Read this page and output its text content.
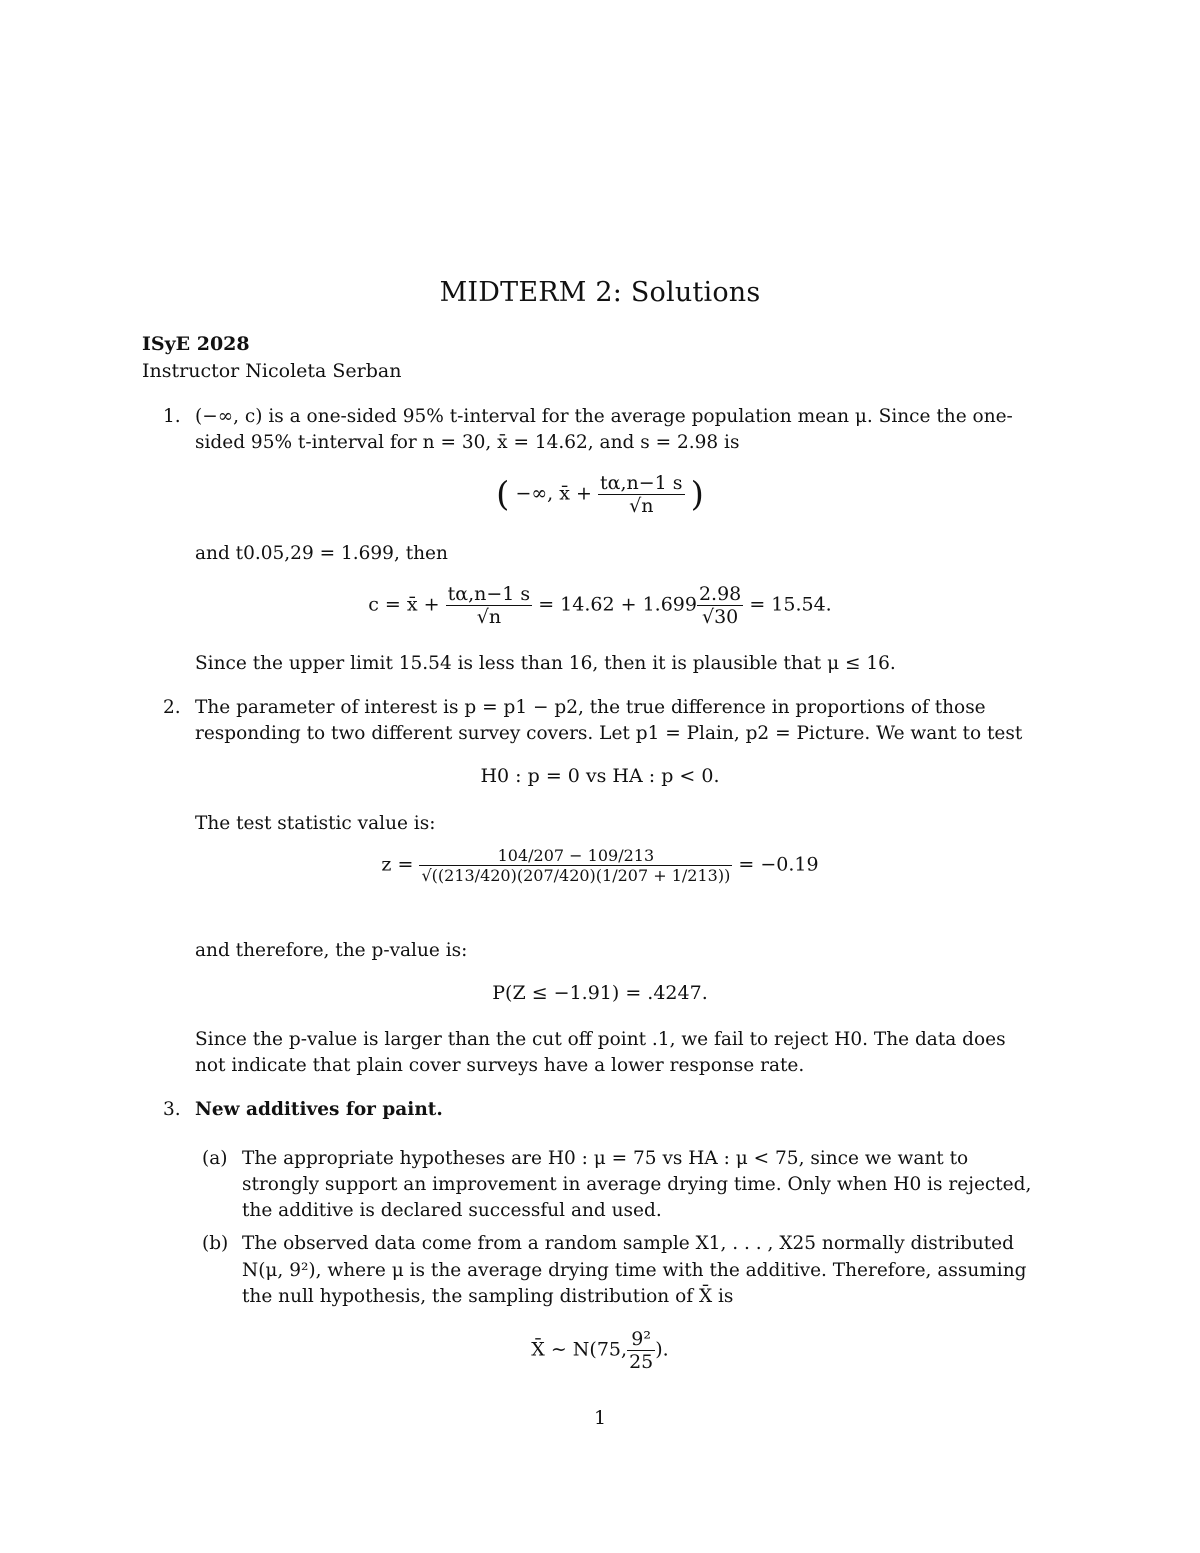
MIDTERM 2: Solutions
ISyE 2028
Instructor Nicoleta Serban
1. (−∞, c) is a one-sided 95% t-interval for the average population mean μ. Since the one-
sided 95% t-interval for n = 30, x̄ = 14.62, and s = 2.98 is
( −∞, x̄ + $\frac{t\alpha,n-1 s}{√n}$ )
and t0.05,29 = 1.699, then
c = x̄ + $\frac{t\alpha,n-1 s}{√n} = 14.62 + 1.699 \frac{2.98}{√30} = 15.54$.
Since the upper limit 15.54 is less than 16, then it is plausible that μ ≤ 16.
2. The parameter of interest is p = p1 − p2, the true difference in proportions of those
responding to two different survey covers. Let p1 = Plain, p2 = Picture. We want to test
H0 : p = 0 vs HA : p < 0.
The test statistic value is:
$z = \frac{104/207 - 109/213}{√((213/420)(207/420)(1/207 + 1/213))} = -0.19$
and therefore, the p-value is:
P(Z ≤ −1.91) = .4247.
Since the p-value is larger than the cut off point .1, we fail to reject H0. The data does
not indicate that plain cover surveys have a lower response rate.
3. New additives for paint.
(a) The appropriate hypotheses are H0 : μ = 75 vs HA : μ < 75, since we want to
strongly support an improvement in average drying time. Only when H0 is rejected,
the additive is declared successful and used.
(b) The observed data come from a random sample X1, . . . , X25 normally distributed
N(μ, 9²), where μ is the average drying time with the additive. Therefore, assuming
the null hypothesis, the sampling distribution of X̄ is
X̄ ∼ N(75, $\frac{\text{9²}}{25}$ ).
1
